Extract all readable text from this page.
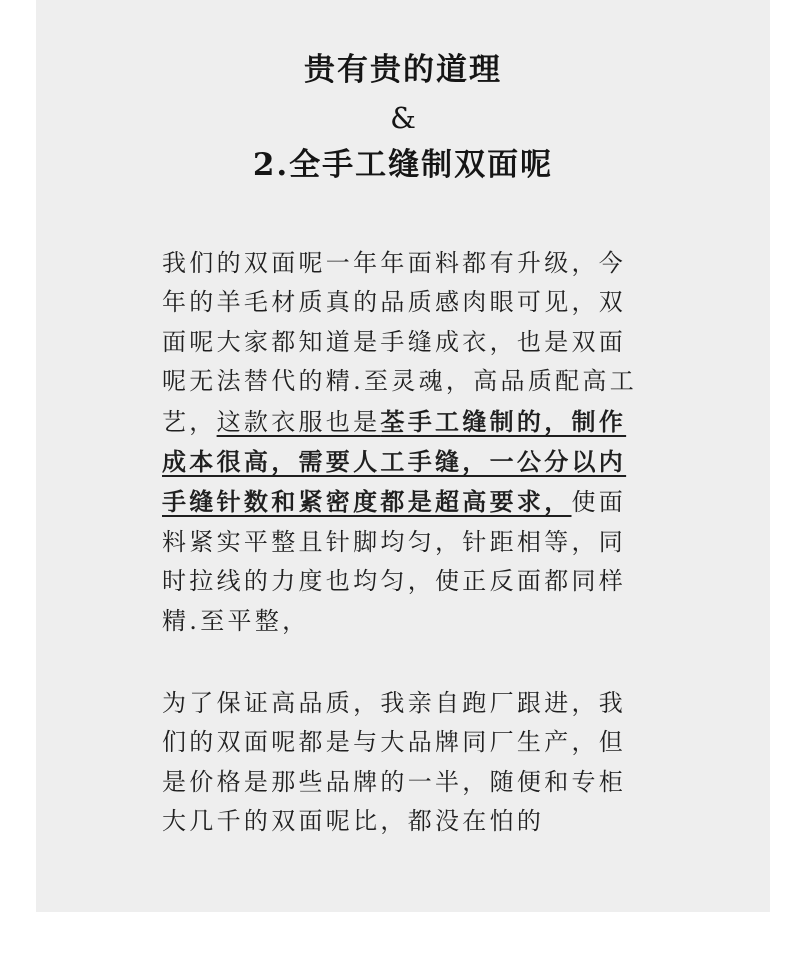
贵有贵的道理
&
2.全手工缝制双面呢

我们的双面呢一年年面料都有升级，今年的羊毛材质真的品质感肉眼可见，双面呢大家都知道是手缝成衣，也是双面呢无法替代的精.至灵魂，高品质配高工艺，这款衣服也是荃手工缝制的，制作成本很高，需要人工手缝，一公分以内手缝针数和紧密度都是超高要求，使面料紧实平整且针脚均匀，针距相等，同时拉线的力度也均匀，使正反面都同样精.至平整，

为了保证高品质，我亲自跑厂跟进，我们的双面呢都是与大品牌同厂生产，但是价格是那些品牌的一半，随便和专柜大几千的双面呢比，都没在怕的
